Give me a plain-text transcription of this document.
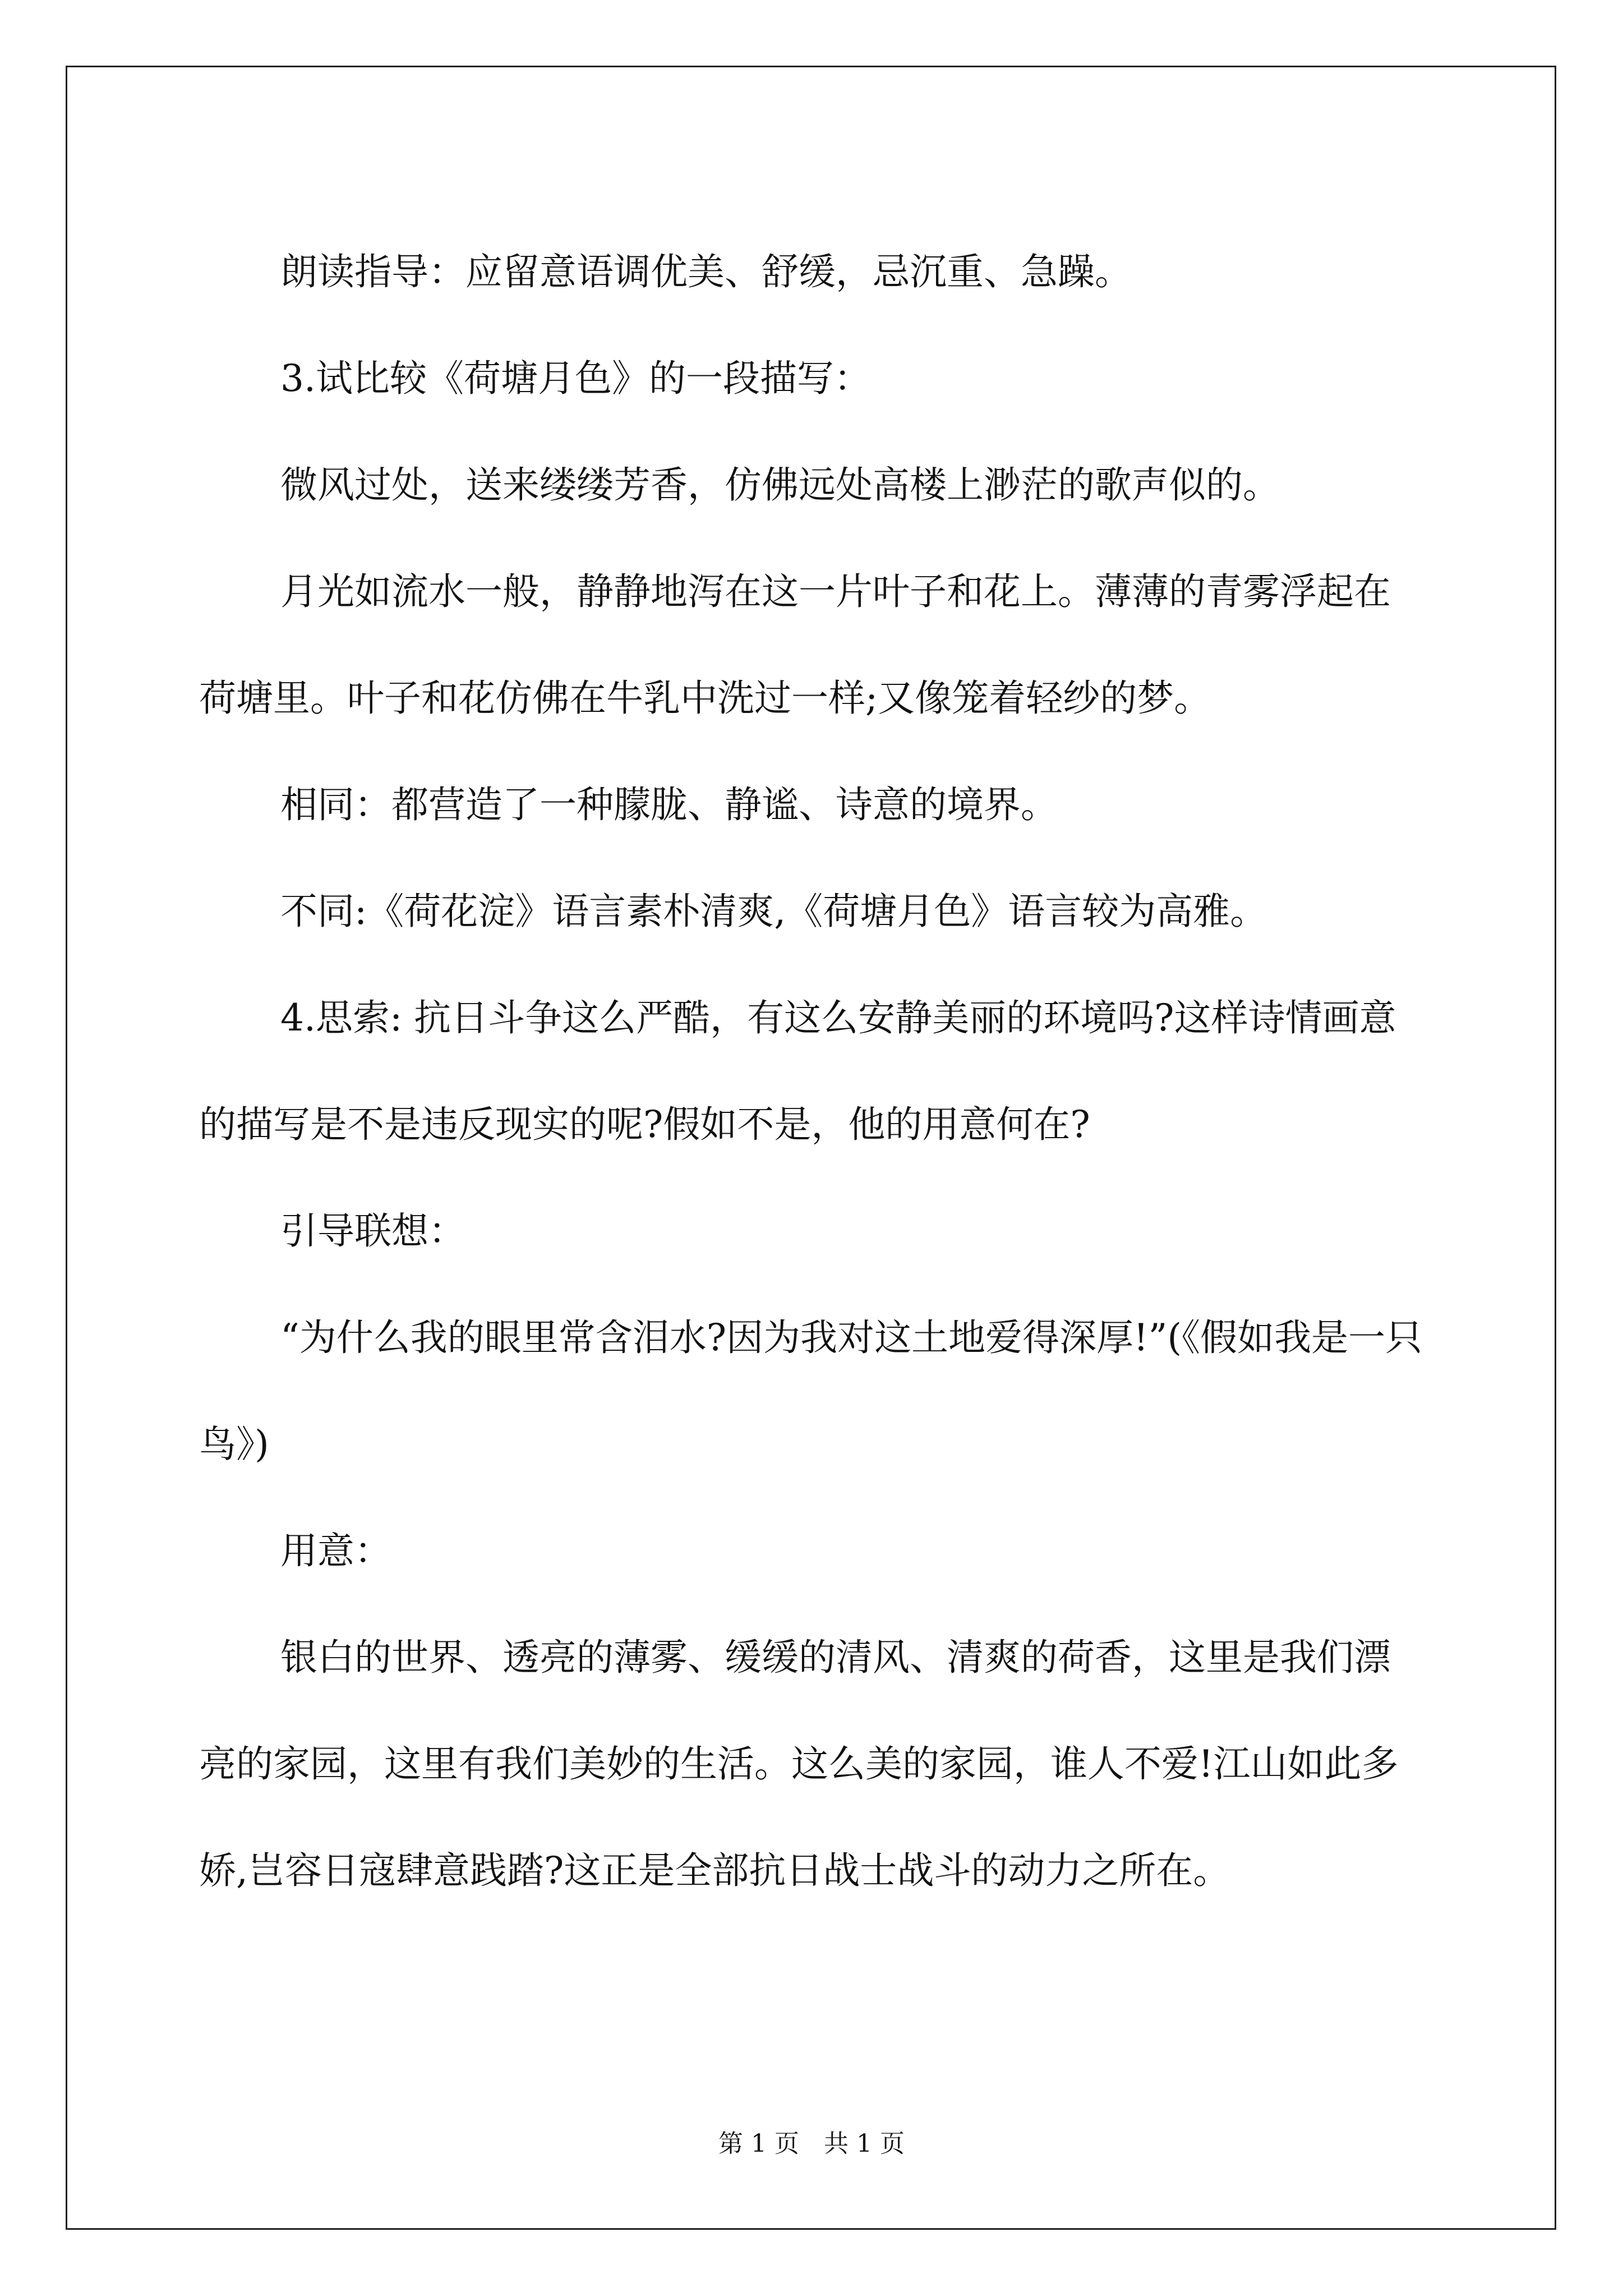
朗读指导：应留意语调优美、舒缓，忌沉重、急躁。

3.试比较《荷塘月色》的一段描写：

微风过处，送来缕缕芳香，仿佛远处高楼上渺茫的歌声似的。

月光如流水一般，静静地泻在这一片叶子和花上。薄薄的青雾浮起在荷塘里。叶子和花仿佛在牛乳中洗过一样;又像笼着轻纱的梦。

相同：都营造了一种朦胧、静谧、诗意的境界。

不同:《荷花淀》语言素朴清爽,《荷塘月色》语言较为高雅。

4.思索: 抗日斗争这么严酷，有这么安静美丽的环境吗?这样诗情画意的描写是不是违反现实的呢?假如不是，他的用意何在?

引导联想：

“为什么我的眼里常含泪水?因为我对这土地爱得深厚!”(《假如我是一只鸟》)

用意：

银白的世界、透亮的薄雾、缓缓的清风、清爽的荷香，这里是我们漂亮的家园，这里有我们美妙的生活。这么美的家园，谁人不爱!江山如此多娇,岂容日寇肆意践踏?这正是全部抗日战士战斗的动力之所在。

第 1 页　共 1 页
